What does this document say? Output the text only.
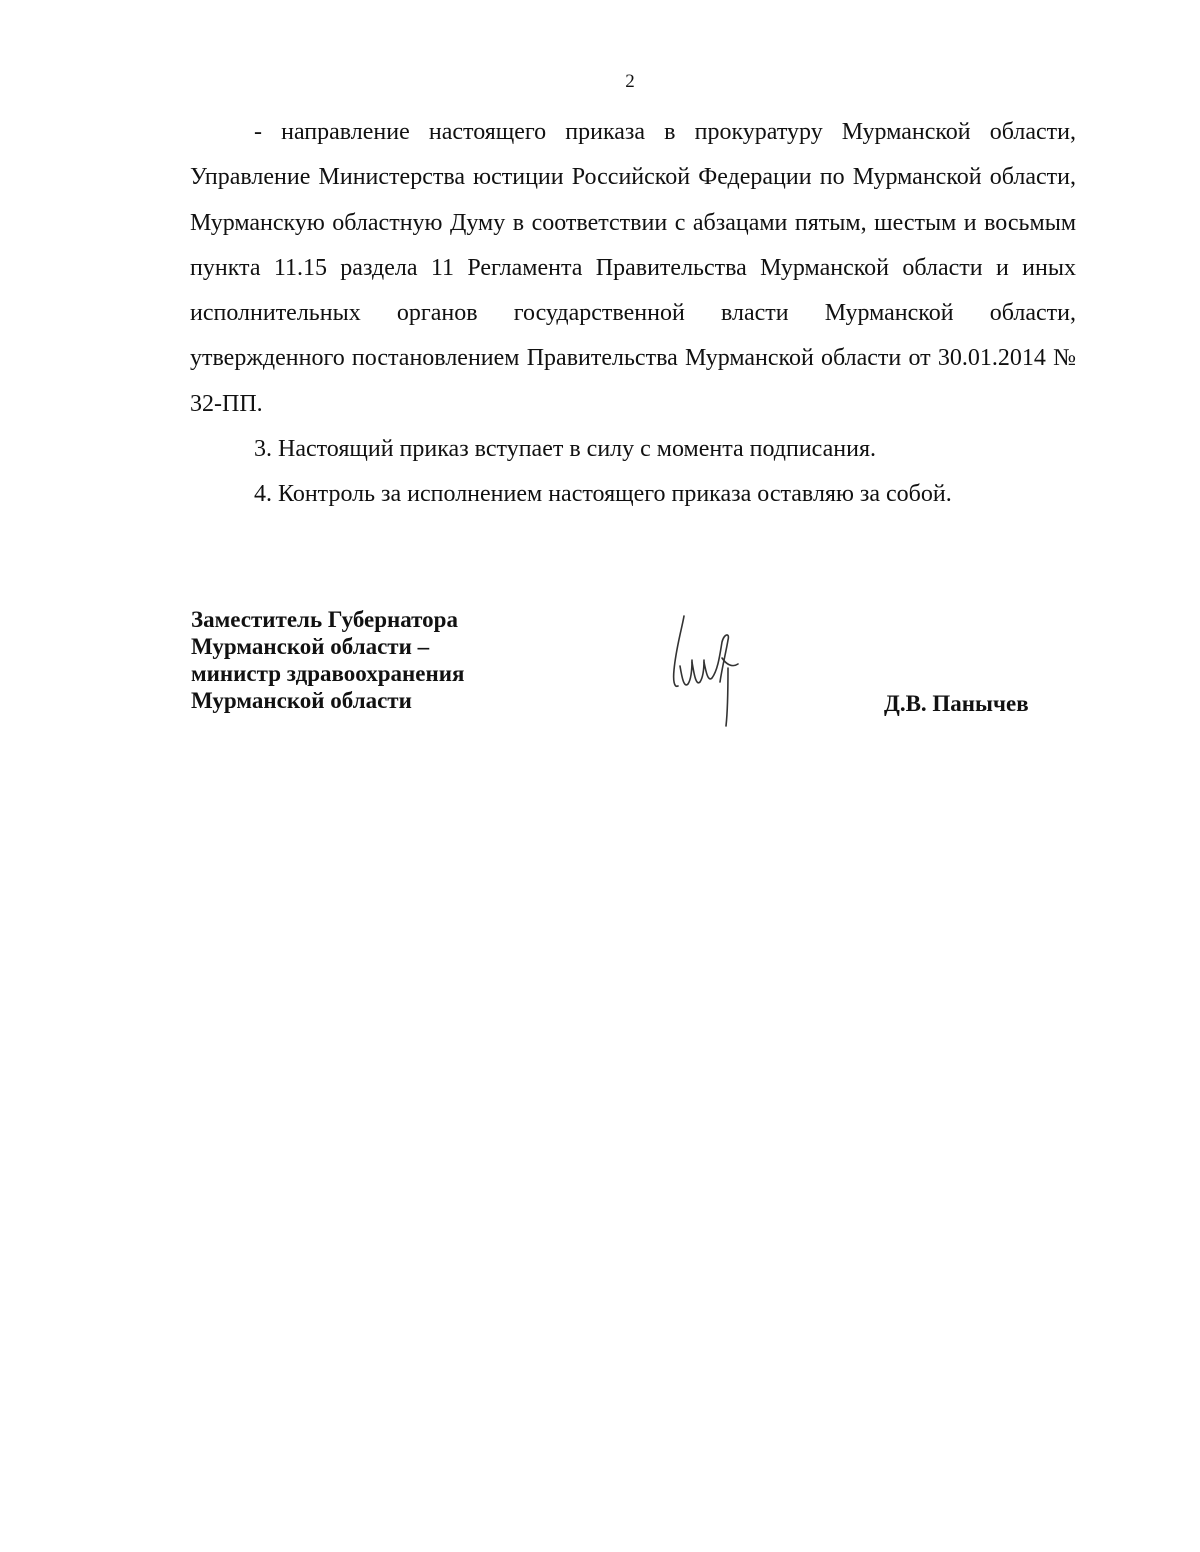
2

- направление настоящего приказа в прокуратуру Мурманской области, Управление Министерства юстиции Российской Федерации по Мурманской области, Мурманскую областную Думу в соответствии с абзацами пятым, шестым и восьмым пункта 11.15 раздела 11 Регламента Правительства Мурманской области и иных исполнительных органов государственной власти Мурманской области, утвержденного постановлением Правительства Мурманской области от 30.01.2014 № 32-ПП.

3. Настоящий приказ вступает в силу с момента подписания.

4. Контроль за исполнением настоящего приказа оставляю за собой.

Заместитель Губернатора
Мурманской области –
министр здравоохранения
Мурманской области	Д.В. Панычев
